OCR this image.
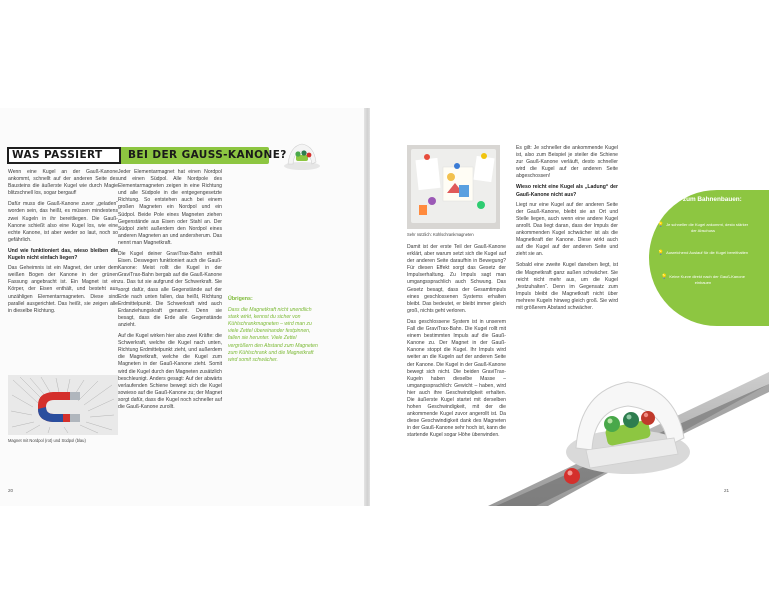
WAS PASSIERT BEI DER GAUSS-KANONE?

Wenn eine Kugel an der Gauß-Kanone ankommt, schnellt auf der anderen Seite des Bausteins die äußerste Kugel wie durch Magie blitzschnell los, sogar bergauf!

Dafür muss die Gauß-Kanone zuvor „geladen“ worden sein, das heißt, es müssen mindestens zwei Kugeln in ihr bereitliegen. Die Gauß-Kanone schießt also eine Kugel los, wie eine echte Kanone, ist aber weder so laut, noch so gefährlich.

Und wie funktioniert das, wieso bleiben die Kugeln nicht einfach liegen?

Das Geheimnis ist ein Magnet, der unter dem weißen Bogen der Kanone in der grünen Fassung angebracht ist. Ein Magnet ist ein Körper, der Eisen enthält, und besteht aus unzähligen Elementarmagneten. Diese sind parallel ausgerichtet. Das heißt, sie zeigen alle in dieselbe Richtung.

Magnet mit Nordpol (rot) und Südpol (blau)

Jeder Elementarmagnet hat einen Nordpol und einen Südpol. Alle Nordpole des Elementarmagneten zeigen in eine Richtung und alle Südpole in die entgegengesetzte Richtung. So entstehen auch bei einem großen Magneten ein Nordpol und ein Südpol. Beide Pole eines Magneten ziehen Gegenstände aus Eisen oder Stahl an. Der Südpol zieht außerdem den Nordpol eines anderen Magneten an und andersherum. Das nennt man Magnetkraft.

Die Kugel deiner GraviTrax-Bahn enthält Eisen. Deswegen funktioniert auch die Gauß-Kanone: Meist rollt die Kugel in der GraviTrax-Bahn bergab auf die Gauß-Kanone zu. Das tut sie aufgrund der Schwerkraft. Sie sorgt dafür, dass alle Gegenstände auf der Erde nach unten fallen, das heißt, Richtung Erdmittelpunkt. Die Schwerkraft wird auch Erdanziehungskraft genannt. Denn sie besagt, dass die Erde alle Gegenstände anzieht.

Auf die Kugel wirken hier also zwei Kräfte: die Schwerkraft, welche die Kugel nach unten, Richtung Erdmittelpunkt zieht, und außerdem die Magnetkraft, welche die Kugel zum Magneten in der Gauß-Kanone zieht. Somit wird die Kugel durch den Magneten zusätzlich beschleunigt. Anders gesagt: Auf der abwärts verlaufenden Schiene bewegt sich die Kugel sowieso auf die Gauß-Kanone zu; der Magnet sorgt dafür, dass die Kugel noch schneller auf die Gauß-Kanone zurollt.

Übrigens:

Dass die Magnetkraft nicht unendlich stark wirkt, kennst du sicher von Kühlschrankmagneten – wird man zu viele Zettel übereinander festpinnen, fallen sie herunter. Viele Zettel vergrößern den Abstand zum Magneten zum Kühlschrank und die Magnetkraft wird somit schwächer.

20
Sehr nützlich: Kühlschrankmagneten

Damit ist der erste Teil der Gauß-Kanone erklärt, aber warum setzt sich die Kugel auf der anderen Seite daraufhin in Bewegung? Für diesen Effekt sorgt das Gesetz der Impulserhaltung. Zu Impuls sagt man umgangssprachlich auch Schwung. Das Gesetz besagt, dass der Gesamtimpuls eines geschlossenen Systems erhalten bleibt. Das bedeutet, er bleibt immer gleich groß, nichts geht verloren.

Das geschlossene System ist in unserem Fall die GraviTrax-Bahn. Die Kugel rollt mit einem bestimmten Impuls auf die Gauß-Kanone zu. Der Magnet in der Gauß-Kanone stoppt die Kugel. Ihr Impuls wird weiter an die Kugeln auf der anderen Seite der Kanone. Die Kugel in der Gauß-Kanone bewegt sich nicht. Die beiden GraviTrax-Kugeln haben dieselbe Masse – umgangssprachlich: Gewicht – haben, wird hier auch ihre Geschwindigkeit erhalten. Die äußerste Kugel startet mit derselben hohen Geschwindigkeit, mit der die ankommende Kugel zuvor angerollt ist. Da diese Geschwindigkeit dank des Magneten in der Gauß-Kanone sehr hoch ist, kann die startende Kugel sogar Höhe überwinden.

Es gilt: Je schneller die ankommende Kugel ist, also zum Beispiel je steiler die Schiene zur Gauß-Kanone verläuft, desto schneller wird die Kugel auf der anderen Seite abgeschossen!

Wieso reicht eine Kugel als „Ladung“ der Gauß-Kanone nicht aus?

Liegt nur eine Kugel auf der anderen Seite der Gauß-Kanone, bleibt sie an Ort und Stelle liegen, auch wenn eine andere Kugel anrollt. Das liegt daran, dass der Impuls der ankommenden Kugel schwächer ist als die Magnetkraft der Kanone. Diese wirkt auch auf die Kugel auf der anderen Seite und zieht sie an.

Sobald eine zweite Kugel daneben liegt, ist die Magnetkraft ganz außen schwächer. Sie reicht nicht mehr aus, um die Kugel „festzuhalten“. Denn im Gegensatz zum Impuls bleibt die Magnetkraft nicht über mehrere Kugeln hinweg gleich groß. Sie wird mit größerem Abstand schwächer.

Tipps zum Bahnenbauen:
💡 Je schneller die Kugel ankommt, desto stärker der Abschuss
💡 Ausreichend Auslauf für die Kugel bereithalten
💡 Keine Kurve direkt nach der Gauß-Kanone einbauen
21
